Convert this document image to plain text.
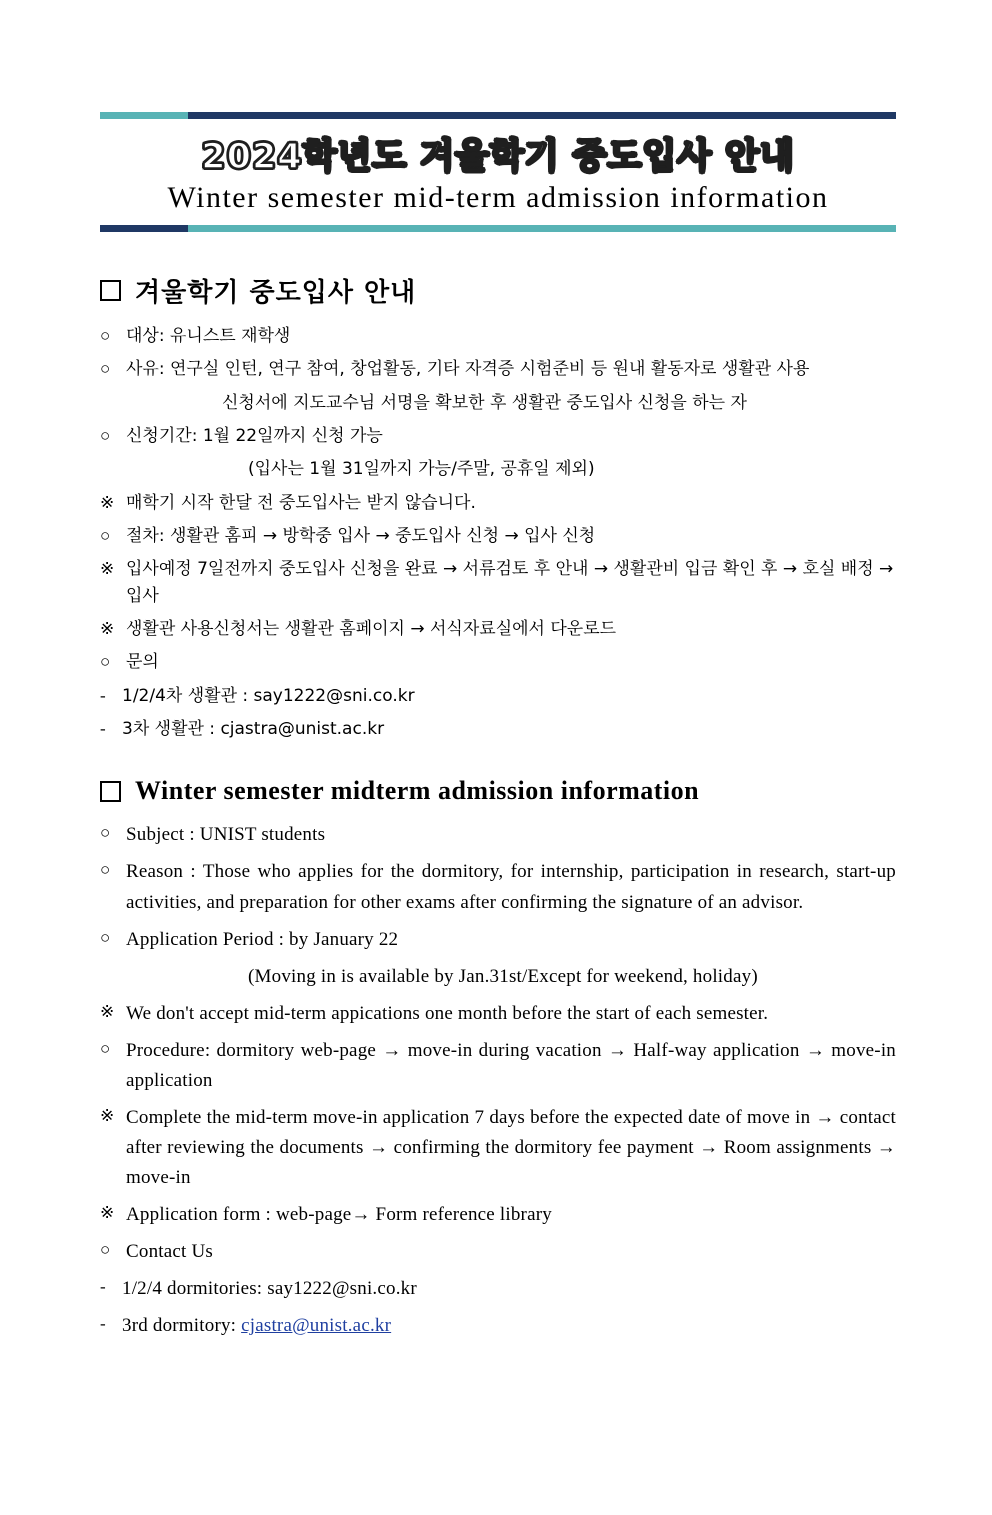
2024학년도 겨울학기 중도입사 안내
Winter semester mid-term admission information
겨울학기 중도입사 안내
○ 대상: 유니스트 재학생
○ 사유: 연구실 인턴, 연구 참여, 창업활동, 기타 자격증 시험준비 등 원내 활동자로 생활관 사용
신청서에 지도교수님 서명을 확보한 후 생활관 중도입사 신청을 하는 자
○ 신청기간: 1월 22일까지 신청 가능
(입사는 1월 31일까지 가능/주말, 공휴일 제외)
※ 매학기 시작 한달 전 중도입사는 받지 않습니다.
○ 절차: 생활관 홈피 → 방학중 입사 → 중도입사 신청 → 입사 신청
※ 입사예정 7일전까지 중도입사 신청을 완료 → 서류검토 후 안내 → 생활관비 입금 확인 후 → 호실 배정 → 입사
※ 생활관 사용신청서는 생활관 홈페이지 → 서식자료실에서 다운로드
○ 문의
- 1/2/4차 생활관 : say1222@sni.co.kr
- 3차 생활관 : cjastra@unist.ac.kr
Winter semester midterm admission information
○ Subject : UNIST students
○ Reason : Those who applies for the dormitory, for internship, participation in research, start-up activities, and preparation for other exams after confirming the signature of an advisor.
○ Application Period : by January 22
(Moving in is available by Jan.31st/Except for weekend, holiday)
※ We don't accept mid-term appications one month before the start of each semester.
○ Procedure: dormitory web-page → move-in during vacation → Half-way application → move-in application
※ Complete the mid-term move-in application 7 days before the expected date of move in → contact after reviewing the documents → confirming the dormitory fee payment → Room assignments → move-in
※ Application form : web-page→ Form reference library
○ Contact Us
- 1/2/4 dormitories: say1222@sni.co.kr
- 3rd dormitory: cjastra@unist.ac.kr
